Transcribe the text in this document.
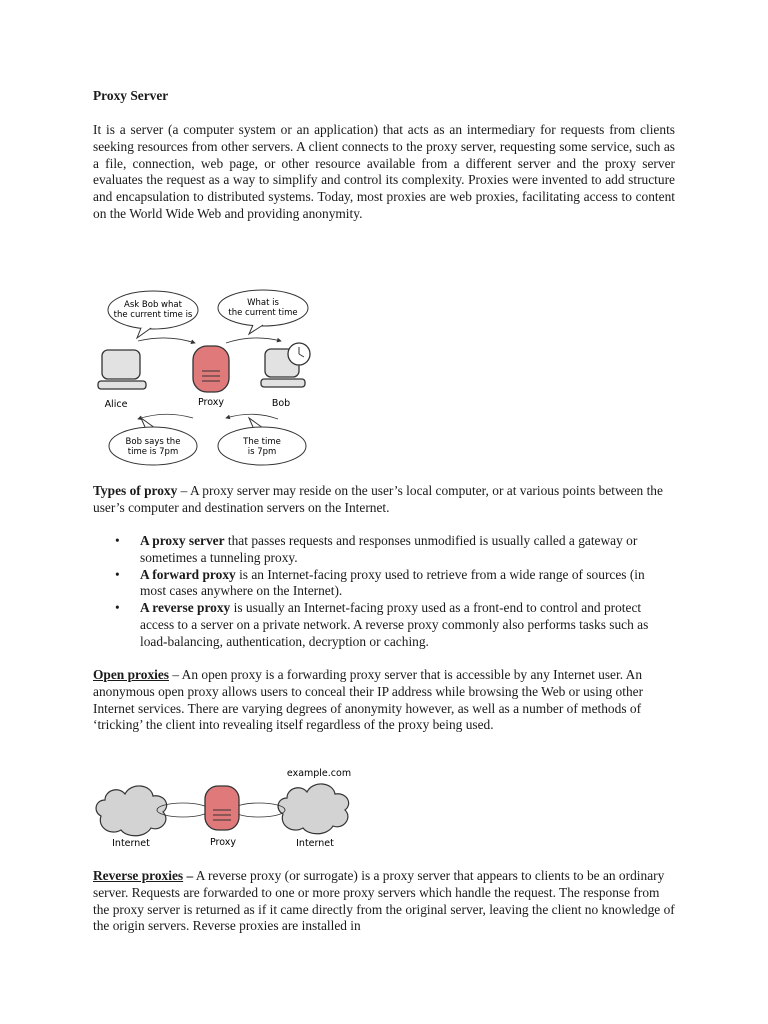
Proxy Server

It is a server (a computer system or an application) that acts as an intermediary for requests from clients seeking resources from other servers. A client connects to the proxy server, requesting some service, such as a file, connection, web page, or other resource available from a different server and the proxy server evaluates the request as a way to simplify and control its complexity. Proxies were invented to add structure and encapsulation to distributed systems. Today, most proxies are web proxies, facilitating access to content on the World Wide Web and providing anonymity.

Types of proxy – A proxy server may reside on the user’s local computer, or at various points between the user’s computer and destination servers on the Internet.

• A proxy server that passes requests and responses unmodified is usually called a gateway or sometimes a tunneling proxy.
• A forward proxy is an Internet-facing proxy used to retrieve from a wide range of sources (in most cases anywhere on the Internet).
• A reverse proxy is usually an Internet-facing proxy used as a front-end to control and protect access to a server on a private network. A reverse proxy commonly also performs tasks such as load-balancing, authentication, decryption or caching.

Open proxies – An open proxy is a forwarding proxy server that is accessible by any Internet user. An anonymous open proxy allows users to conceal their IP address while browsing the Web or using other Internet services. There are varying degrees of anonymity however, as well as a number of methods of ‘tricking’ the client into revealing itself regardless of the proxy being used.

Reverse proxies – A reverse proxy (or surrogate) is a proxy server that appears to clients to be an ordinary server. Requests are forwarded to one or more proxy servers which handle the request. The response from the proxy server is returned as if it came directly from the original server, leaving the client no knowledge of the origin servers. Reverse proxies are installed in

Ask Bob what
the current time is
What is
the current time
Alice	Proxy	Bob
Bob says the
time is 7pm
The time
is 7pm
example.com
Internet	Proxy	Internet
